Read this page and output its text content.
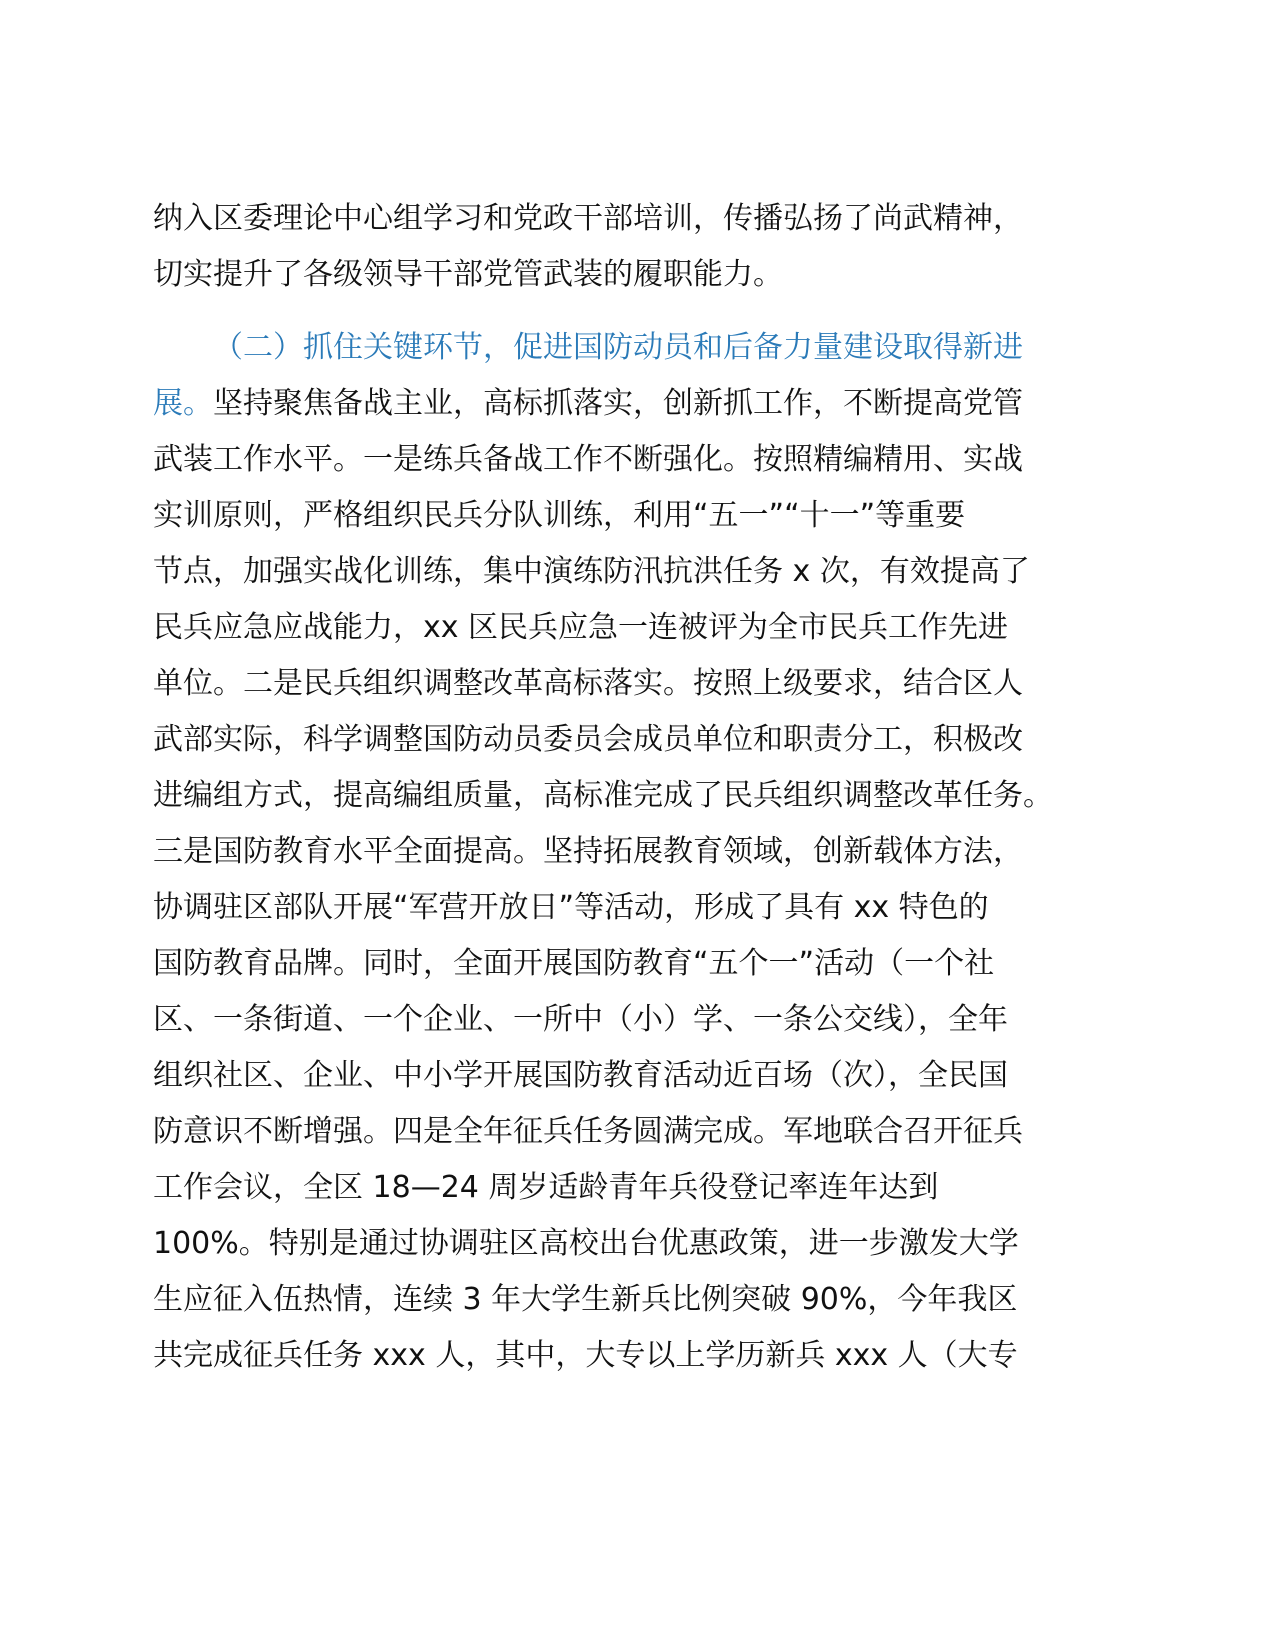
纳入区委理论中心组学习和党政干部培训，传播弘扬了尚武精神，
切实提升了各级领导干部党管武装的履职能力。
（二）抓住关键环节，促进国防动员和后备力量建设取得新进
展。坚持聚焦备战主业，高标抓落实，创新抓工作，不断提高党管
武装工作水平。一是练兵备战工作不断强化。按照精编精用、实战
实训原则，严格组织民兵分队训练，利用“五一”“十一”等重要
节点，加强实战化训练，集中演练防汛抗洪任务 x 次，有效提高了
民兵应急应战能力，xx 区民兵应急一连被评为全市民兵工作先进
单位。二是民兵组织调整改革高标落实。按照上级要求，结合区人
武部实际，科学调整国防动员委员会成员单位和职责分工，积极改
进编组方式，提高编组质量，高标准完成了民兵组织调整改革任务。
三是国防教育水平全面提高。坚持拓展教育领域，创新载体方法，
协调驻区部队开展“军营开放日”等活动，形成了具有 xx 特色的
国防教育品牌。同时，全面开展国防教育“五个一”活动（一个社
区、一条街道、一个企业、一所中（小）学、一条公交线），全年
组织社区、企业、中小学开展国防教育活动近百场（次），全民国
防意识不断增强。四是全年征兵任务圆满完成。军地联合召开征兵
工作会议，全区 18—24 周岁适龄青年兵役登记率连年达到
100%。特别是通过协调驻区高校出台优惠政策，进一步激发大学
生应征入伍热情，连续 3 年大学生新兵比例突破 90%，今年我区
共完成征兵任务 xxx 人，其中，大专以上学历新兵 xxx 人（大专
